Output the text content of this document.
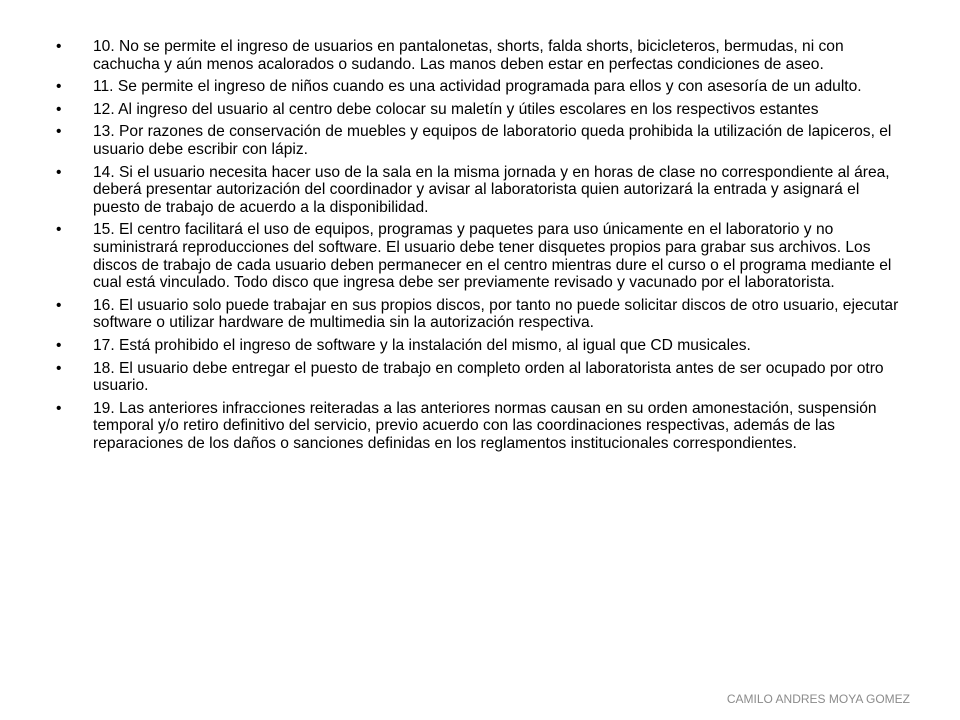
• 10. No se permite el ingreso de usuarios en pantalonetas, shorts, falda shorts, bicicleteros, bermudas, ni con cachucha y aún menos acalorados o sudando. Las manos deben estar en perfectas condiciones de aseo.
• 11. Se permite el ingreso de niños cuando es una actividad programada para ellos y con asesoría de un adulto.
• 12. Al ingreso del usuario al centro debe colocar su maletín y útiles escolares en los respectivos estantes
• 13. Por razones de conservación de muebles y equipos de laboratorio queda prohibida la utilización de lapiceros, el usuario debe escribir con lápiz.
• 14. Si el usuario necesita hacer uso de la sala en la misma jornada y en horas de clase no correspondiente al área, deberá presentar autorización del coordinador y avisar al laboratorista quien autorizará la entrada y asignará el puesto de trabajo de acuerdo a la disponibilidad.
• 15. El centro facilitará el uso de equipos, programas y paquetes para uso únicamente en el laboratorio y no suministrará reproducciones del software. El usuario debe tener disquetes propios para grabar sus archivos. Los discos de trabajo de cada usuario deben permanecer en el centro mientras dure el curso o el programa mediante el cual está vinculado. Todo disco que ingresa debe ser previamente revisado y vacunado por el laboratorista.
• 16. El usuario solo puede trabajar en sus propios discos, por tanto no puede solicitar discos de otro usuario, ejecutar software o utilizar hardware de multimedia sin la autorización respectiva.
• 17. Está prohibido el ingreso de software y la instalación del mismo, al igual que CD musicales.
• 18. El usuario debe entregar el puesto de trabajo en completo orden al laboratorista antes de ser ocupado por otro usuario.
• 19. Las anteriores infracciones reiteradas a las anteriores normas causan en su orden amonestación, suspensión temporal y/o retiro definitivo del servicio, previo acuerdo con las coordinaciones respectivas, además de las reparaciones de los daños o sanciones definidas en los reglamentos institucionales correspondientes.
CAMILO ANDRES MOYA GOMEZ
